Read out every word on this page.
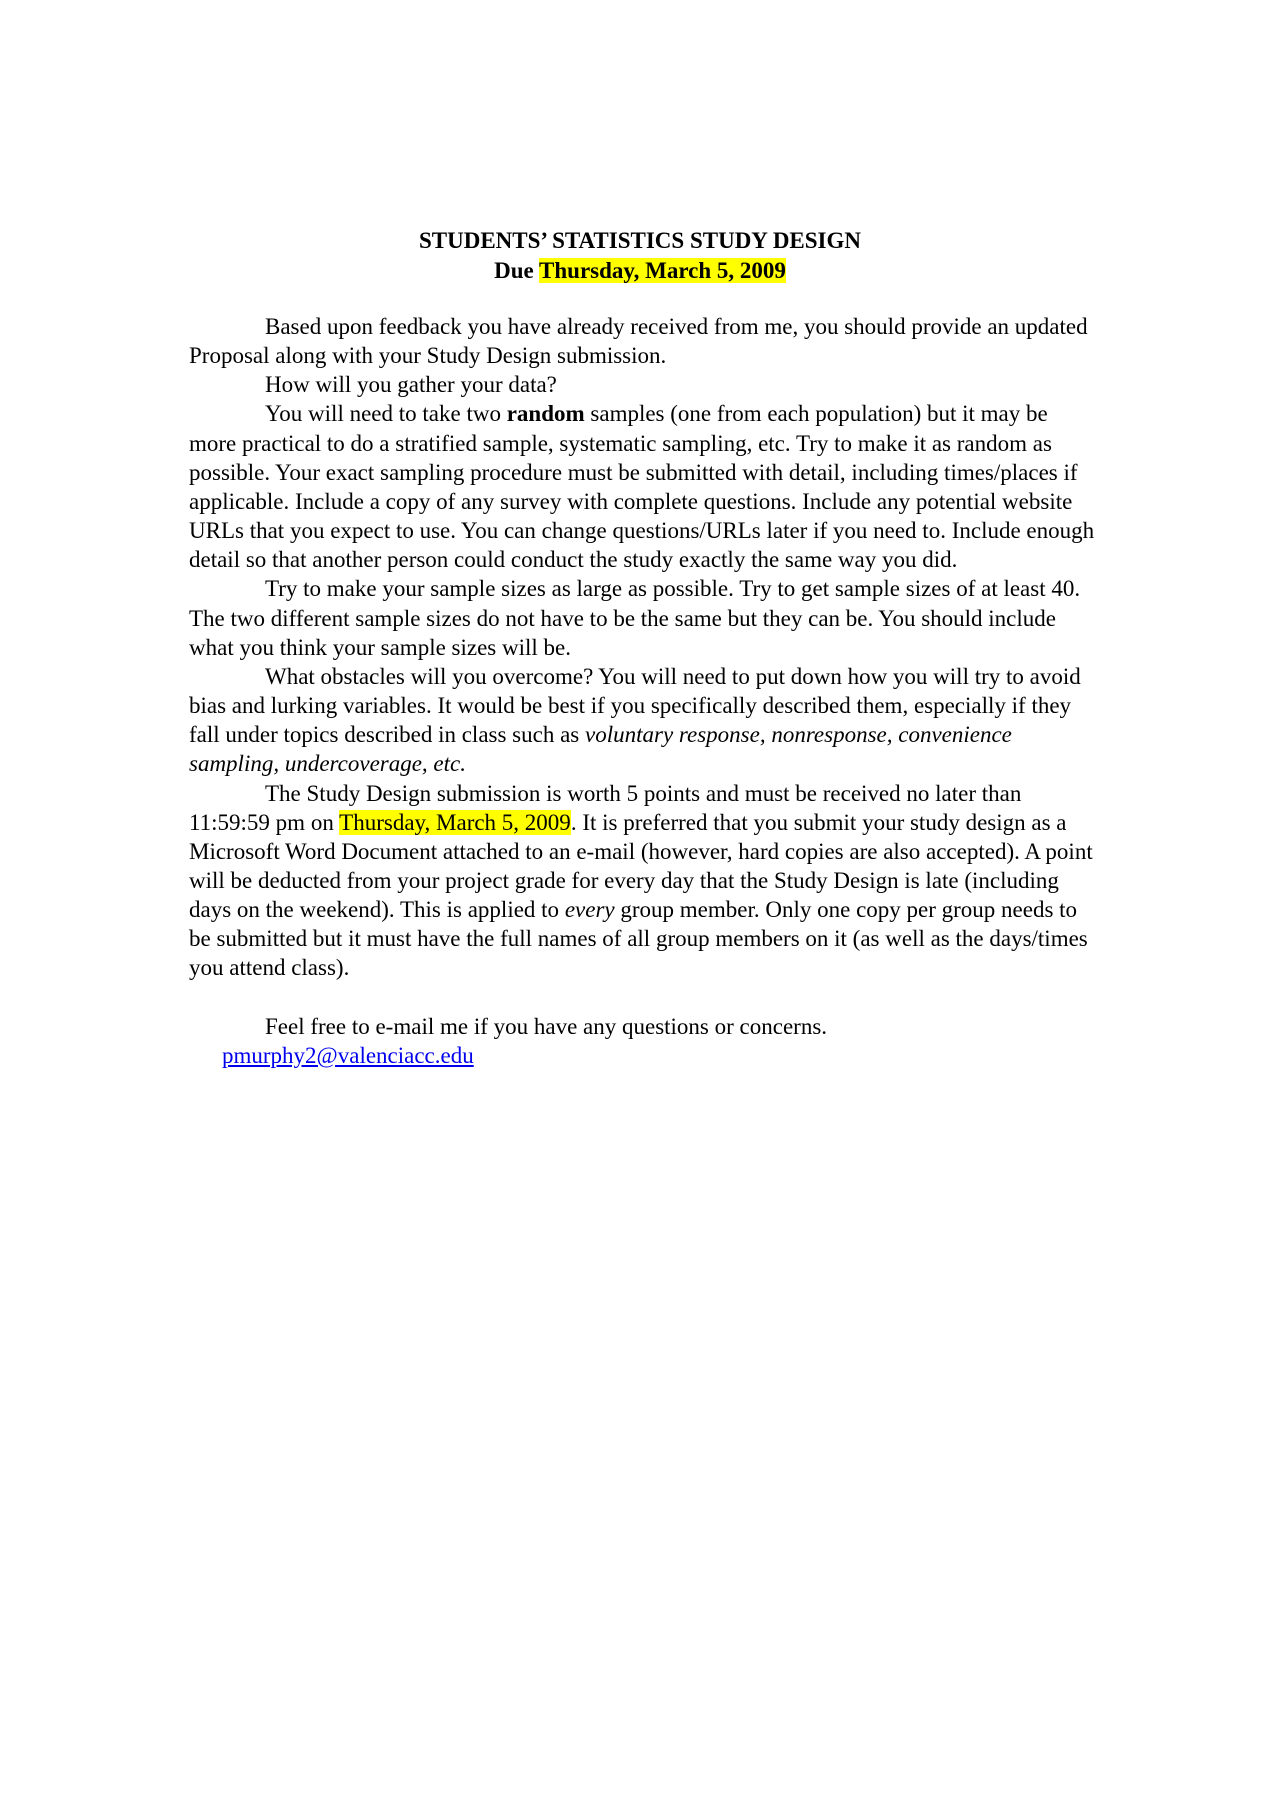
STUDENTS’ STATISTICS STUDY DESIGN
Due Thursday, March 5, 2009

Based upon feedback you have already received from me, you should provide an updated Proposal along with your Study Design submission.

How will you gather your data?

You will need to take two random samples (one from each population) but it may be more practical to do a stratified sample, systematic sampling, etc. Try to make it as random as possible. Your exact sampling procedure must be submitted with detail, including times/places if applicable. Include a copy of any survey with complete questions. Include any potential website URLs that you expect to use. You can change questions/URLs later if you need to. Include enough detail so that another person could conduct the study exactly the same way you did.

Try to make your sample sizes as large as possible. Try to get sample sizes of at least 40. The two different sample sizes do not have to be the same but they can be. You should include what you think your sample sizes will be.

What obstacles will you overcome? You will need to put down how you will try to avoid bias and lurking variables. It would be best if you specifically described them, especially if they fall under topics described in class such as voluntary response, nonresponse, convenience sampling, undercoverage, etc.

The Study Design submission is worth 5 points and must be received no later than 11:59:59 pm on Thursday, March 5, 2009. It is preferred that you submit your study design as a Microsoft Word Document attached to an e-mail (however, hard copies are also accepted). A point will be deducted from your project grade for every day that the Study Design is late (including days on the weekend). This is applied to every group member. Only one copy per group needs to be submitted but it must have the full names of all group members on it (as well as the days/times you attend class).

Feel free to e-mail me if you have any questions or concerns.

pmurphy2@valenciacc.edu
